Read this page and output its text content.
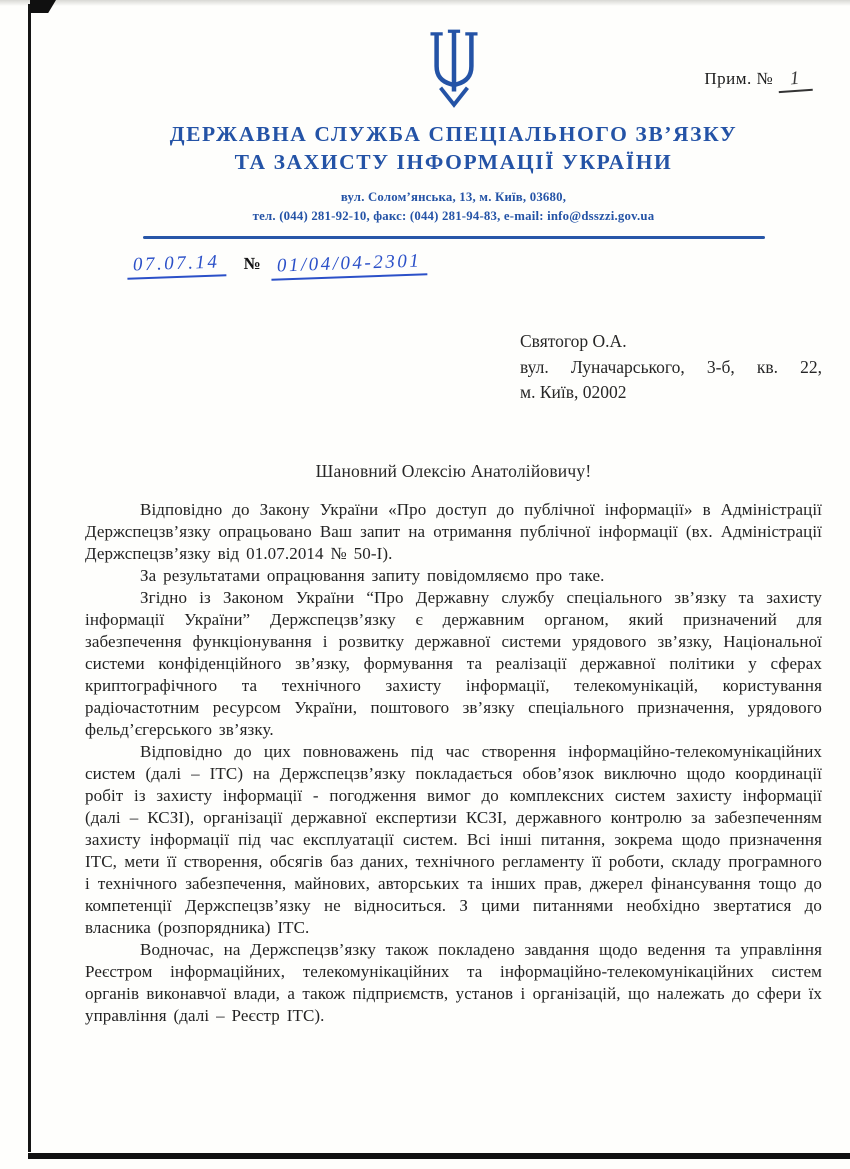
Прим. № 1
ДЕРЖАВНА СЛУЖБА СПЕЦІАЛЬНОГО ЗВ’ЯЗКУ
ТА ЗАХИСТУ ІНФОРМАЦІЇ УКРАЇНИ
вул. Солом’янська, 13, м. Київ, 03680,
тел. (044) 281-92-10, факс: (044) 281-94-83, e-mail: info@dsszzi.gov.ua
07.07.14 № 01/04/04-2301
Святогор О.А.
вул. Луначарського, 3-б, кв. 22,
м. Київ, 02002
Шановний Олексію Анатолійовичу!

Відповідно до Закону України «Про доступ до публічної інформації» в Адміністрації Держспецзв’язку опрацьовано Ваш запит на отримання публічної інформації (вх. Адміністрації Держспецзв’язку від 01.07.2014 № 50-І).

За результатами опрацювання запиту повідомляємо про таке.

Згідно із Законом України “Про Державну службу спеціального зв’язку та захисту інформації України” Держспецзв’язку є державним органом, який призначений для забезпечення функціонування і розвитку державної системи урядового зв’язку, Національної системи конфіденційного зв’язку, формування та реалізації державної політики у сферах криптографічного та технічного захисту інформації, телекомунікацій, користування радіочастотним ресурсом України, поштового зв’язку спеціального призначення, урядового фельд’єгерського зв’язку.

Відповідно до цих повноважень під час створення інформаційно-телекомунікаційних систем (далі – ІТС) на Держспецзв’язку покладається обов’язок виключно щодо координації робіт із захисту інформації - погодження вимог до комплексних систем захисту інформації (далі – КСЗІ), організації державної експертизи КСЗІ, державного контролю за забезпеченням захисту інформації під час експлуатації систем. Всі інші питання, зокрема щодо призначення ІТС, мети її створення, обсягів баз даних, технічного регламенту її роботи, складу програмного і технічного забезпечення, майнових, авторських та інших прав, джерел фінансування тощо до компетенції Держспецзв’язку не відноситься. З цими питаннями необхідно звертатися до власника (розпорядника) ІТС.

Водночас, на Держспецзв’язку також покладено завдання щодо ведення та управління Реєстром інформаційних, телекомунікаційних та інформаційно-телекомунікаційних систем органів виконавчої влади, а також підприємств, установ і організацій, що належать до сфери їх управління (далі – Реєстр ІТС).
